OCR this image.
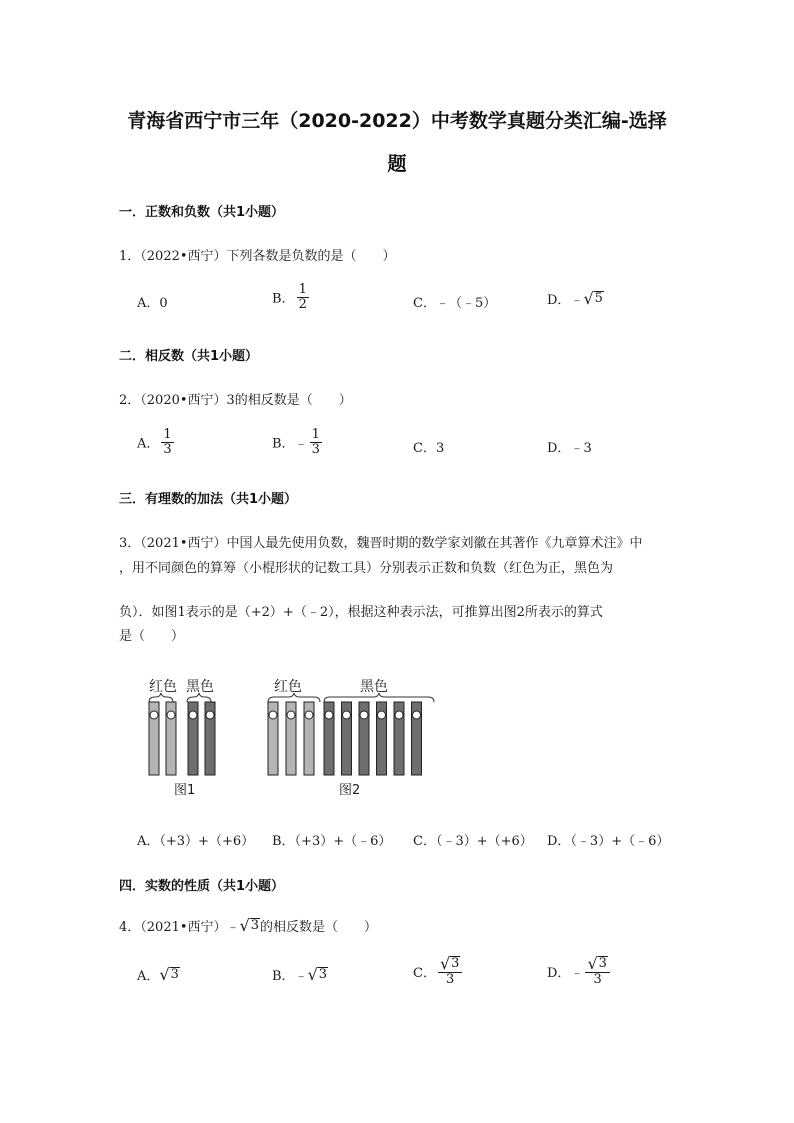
青海省西宁市三年（2020-2022）中考数学真题分类汇编-选择
题
一．正数和负数（共1小题）
1．（2022•西宁）下列各数是负数的是（　　）
A．0	B． $\frac{1}{2}$	C．﹣（﹣5）	D．﹣ √ 5
二．相反数（共1小题）
2．（2020•西宁）3的相反数是（　　）
A． $\frac{1}{3}$	B．﹣ $\frac{1}{3}$	C．3	D．﹣3
三．有理数的加法（共1小题）
3．（2021•西宁）中国人最先使用负数，魏晋时期的数学家刘徽在其著作《九章算术注》中
，用不同颜色的算筹（小棍形状的记数工具）分别表示正数和负数（红色为正，黑色为
负）．如图1表示的是（+2）+（﹣2），根据这种表示法，可推算出图2所表示的算式
是（　　）
红色 黑色
图1
红色	黑色
图2
A．（+3）+（+6） B．（+3）+（﹣6） C．（﹣3）+（+6） D．（﹣3）+（﹣6）
四．实数的性质（共1小题）
4．（2021•西宁）﹣ √ 3 的相反数是（　　）
A． √ 3	B．﹣ √ 3	C． $\frac{√ 3}{3}$	D．﹣ $\frac{√ 3}{3}$
